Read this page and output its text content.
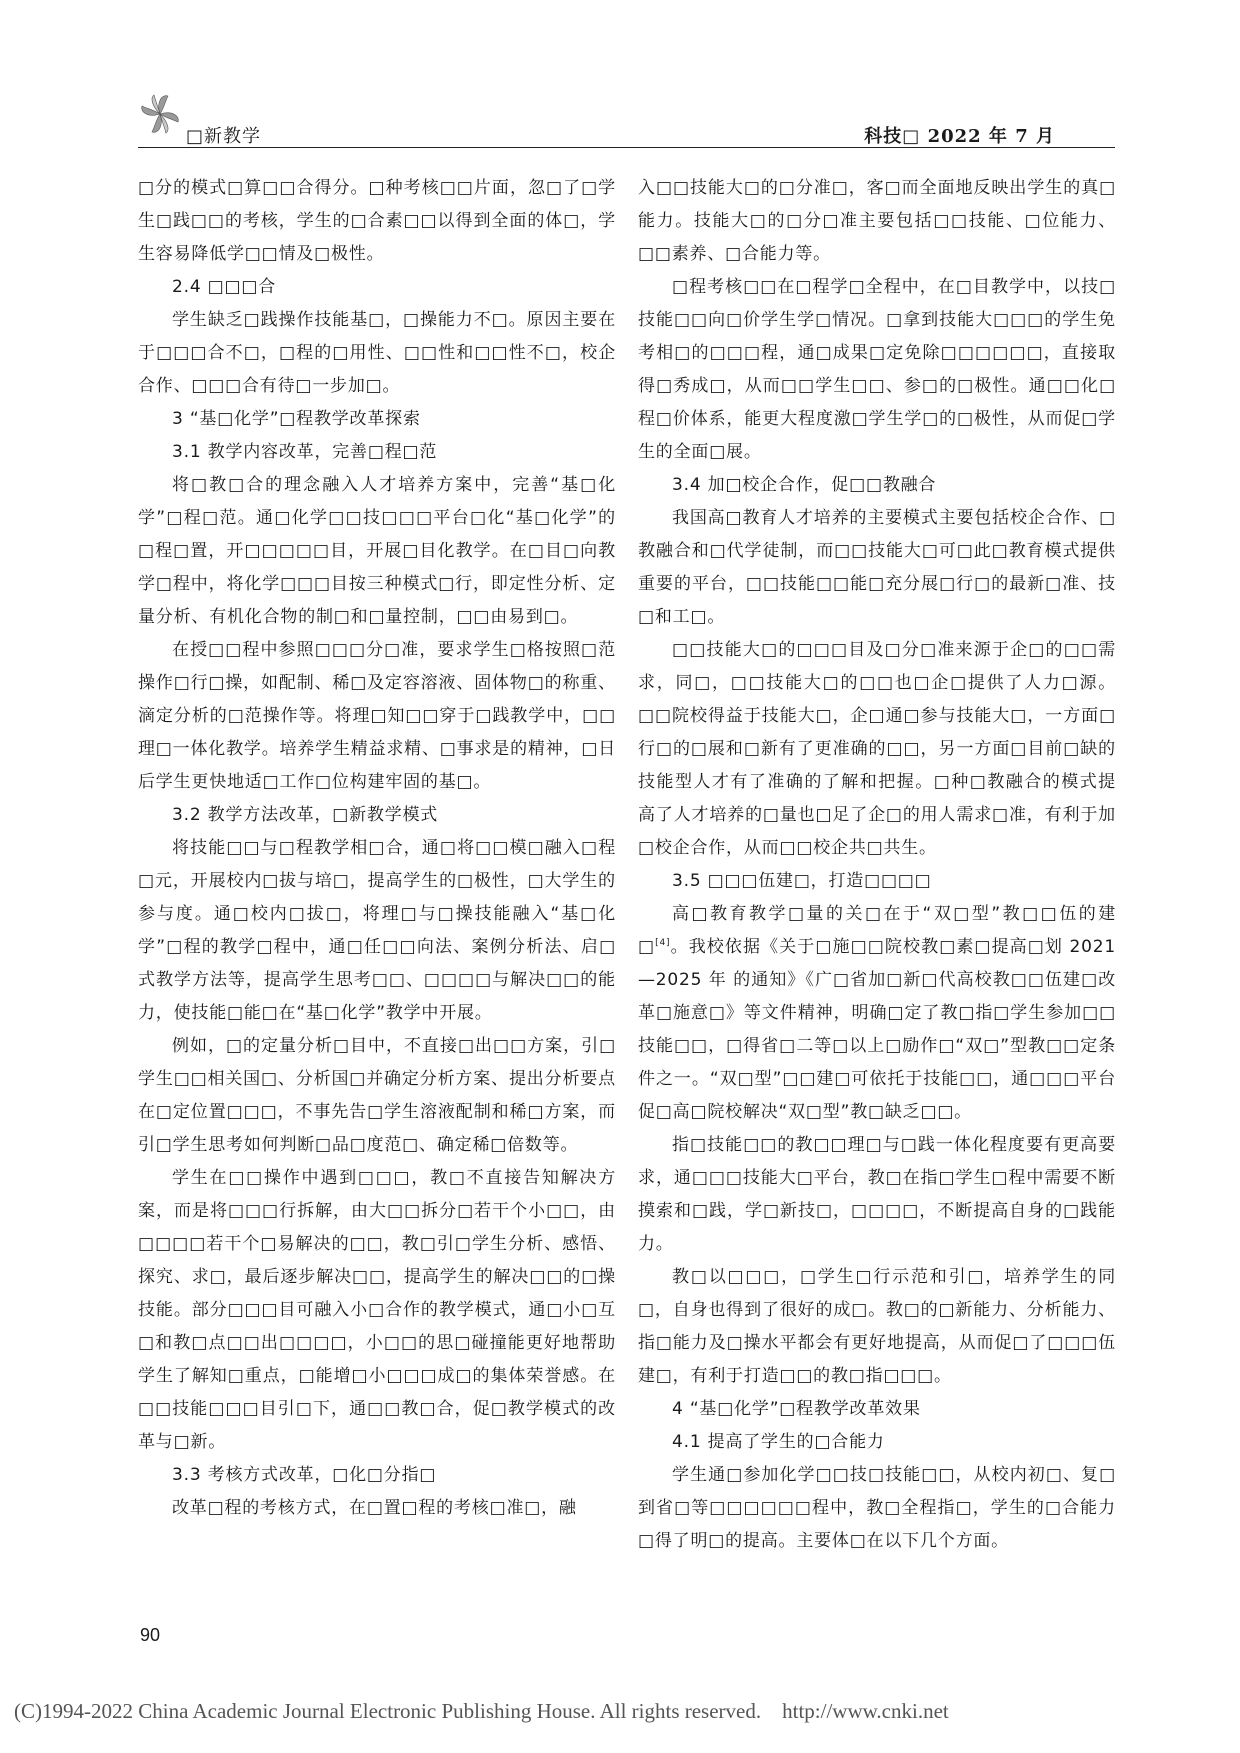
□新教学	科技□ 2022 年 7 月

□分的模式□算□□合得分。□种考核□□片面，忽□了□学生□践□□的考核，学生的□合素□□以得到全面的体□，学生容易降低学□□情及□极性。

2.4 □□□合

学生缺乏□践操作技能基□，□操能力不□。原因主要在于□□□合不□，□程的□用性、□□性和□□性不□，校企合作、□□□合有待□一步加□。

3 “基□化学”□程教学改革探索

3.1 教学内容改革，完善□程□范

将□教□合的理念融入人才培养方案中，完善“基□化学”□程□范。通□化学□□技□□□平台□化“基□化学”的□程□置，开□□□□□目，开展□目化教学。在□目□向教学□程中，将化学□□□目按三种模式□行，即定性分析、定量分析、有机化合物的制□和□量控制，□□由易到□。

在授□□程中参照□□□分□准，要求学生□格按照□范操作□行□操，如配制、稀□及定容溶液、固体物□的称重、滴定分析的□范操作等。将理□知□□穿于□践教学中，□□理□一体化教学。培养学生精益求精、□事求是的精神，□日后学生更快地适□工作□位构建牢固的基□。

3.2 教学方法改革，□新教学模式

将技能□□与□程教学相□合，通□将□□模□融入□程□元，开展校内□拔与培□，提高学生的□极性，□大学生的参与度。通□校内□拔□，将理□与□操技能融入“基□化学”□程的教学□程中，通□任□□向法、案例分析法、启□式教学方法等，提高学生思考□□、□□□□与解决□□的能力，使技能□能□在“基□化学”教学中开展。

例如，□的定量分析□目中，不直接□出□□方案，引□学生□□相关国□、分析国□并确定分析方案、提出分析要点 在□定位置□□□，不事先告□学生溶液配制和稀□方案，而引□学生思考如何判断□品□度范□、确定稀□倍数等。

学生在□□操作中遇到□□□，教□不直接告知解决方案，而是将□□□行拆解，由大□□拆分□若干个小□□，由□□□□若干个□易解决的□□，教□引□学生分析、感悟、探究、求□，最后逐步解决□□，提高学生的解决□□的□操技能。部分□□□目可融入小□合作的教学模式，通□小□互□和教□点□□出□□□□，小□□的思□碰撞能更好地帮助学生了解知□重点，□能增□小□□□成□的集体荣誉感。在□□技能□□□目引□下，通□□教□合，促□教学模式的改革与□新。

3.3 考核方式改革，□化□分指□

改革□程的考核方式，在□置□程的考核□准□，融

入□□技能大□的□分准□，客□而全面地反映出学生的真□能力。技能大□的□分□准主要包括□□技能、□位能力、□□素养、□合能力等。

□程考核□□在□程学□全程中，在□目教学中，以技□技能□□向□价学生学□情况。□拿到技能大□□□的学生免考相□的□□□程，通□成果□定免除□□□□□□，直接取得□秀成□，从而□□学生□□、参□的□极性。通□□化□程□价体系，能更大程度激□学生学□的□极性，从而促□学生的全面□展。

3.4 加□校企合作，促□□教融合

我国高□教育人才培养的主要模式主要包括校企合作、□教融合和□代学徒制，而□□技能大□可□此□教育模式提供重要的平台，□□技能□□能□充分展□行□的最新□准、技□和工□。

□□技能大□的□□□目及□分□准来源于企□的□□需求，同□，□□技能大□的□□也□企□提供了人力□源。□□院校得益于技能大□，企□通□参与技能大□，一方面□行□的□展和□新有了更准确的□□，另一方面□目前□缺的技能型人才有了准确的了解和把握。□种□教融合的模式提高了人才培养的□量也□足了企□的用人需求□准，有利于加□校企合作，从而□□校企共□共生。

3.5 □□□伍建□，打造□□□□

高□教育教学□量的关□在于“双□型”教□□伍的建□[4]。我校依据《关于□施□□院校教□素□提高□划 2021—2025 年 的通知》《广□省加□新□代高校教□□伍建□改革□施意□》等文件精神，明确□定了教□指□学生参加□□技能□□，□得省□二等□以上□励作□“双□”型教□□定条件之一。“双□型”□□建□可依托于技能□□，通□□□平台促□高□院校解决“双□型”教□缺乏□□。

指□技能□□的教□□理□与□践一体化程度要有更高要求，通□□□技能大□平台，教□在指□学生□程中需要不断摸索和□践，学□新技□，□□□□，不断提高自身的□践能力。

教□以□□□，□学生□行示范和引□，培养学生的同□，自身也得到了很好的成□。教□的□新能力、分析能力、指□能力及□操水平都会有更好地提高，从而促□了□□□伍建□，有利于打造□□的教□指□□□。

4 “基□化学”□程教学改革效果

4.1 提高了学生的□合能力

学生通□参加化学□□技□技能□□，从校内初□、复□到省□等□□□□□□程中，教□全程指□，学生的□合能力□得了明□的提高。主要体□在以下几个方面。

90
(C)1994-2022 China Academic Journal Electronic Publishing House. All rights reserved.    http://www.cnki.net
